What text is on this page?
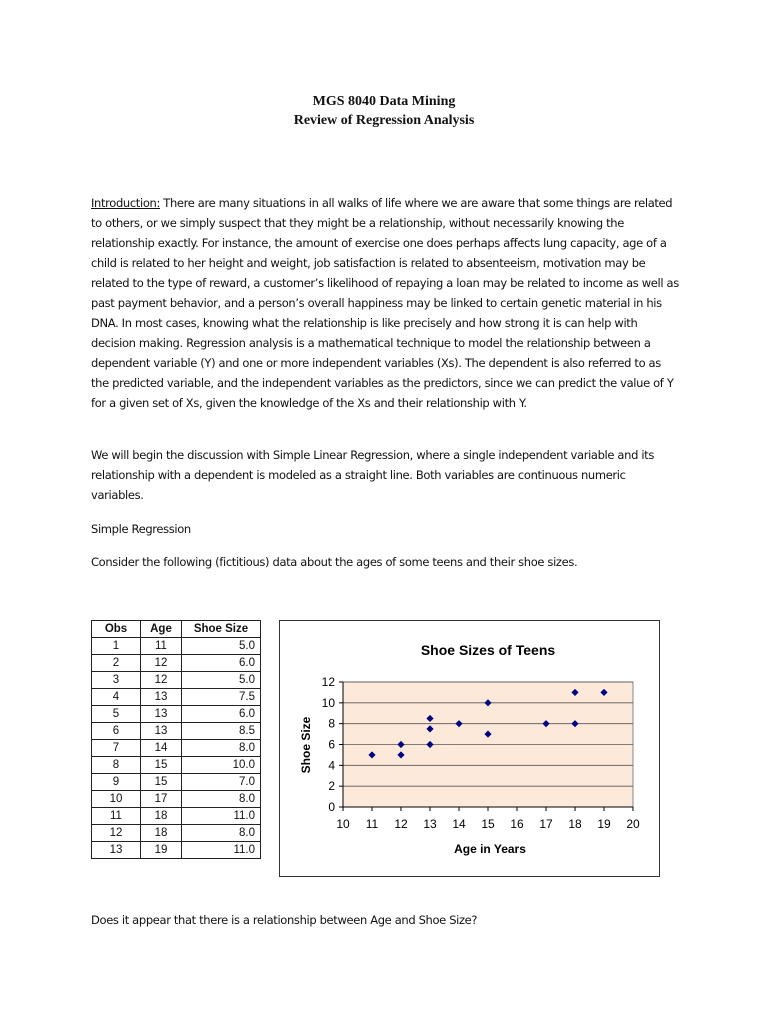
MGS 8040 Data Mining
Review of Regression Analysis
Introduction: There are many situations in all walks of life where we are aware that some things are related to others, or we simply suspect that they might be a relationship, without necessarily knowing the relationship exactly. For instance, the amount of exercise one does perhaps affects lung capacity, age of a child is related to her height and weight, job satisfaction is related to absenteeism, motivation may be related to the type of reward, a customer’s likelihood of repaying a loan may be related to income as well as past payment behavior, and a person’s overall happiness may be linked to certain genetic material in his DNA. In most cases, knowing what the relationship is like precisely and how strong it is can help with decision making. Regression analysis is a mathematical technique to model the relationship between a dependent variable (Y) and one or more independent variables (Xs). The dependent is also referred to as the predicted variable, and the independent variables as the predictors, since we can predict the value of Y for a given set of Xs, given the knowledge of the Xs and their relationship with Y.
We will begin the discussion with Simple Linear Regression, where a single independent variable and its relationship with a dependent is modeled as a straight line. Both variables are continuous numeric variables.
Simple Regression
Consider the following (fictitious) data about the ages of some teens and their shoe sizes.
Obs	Age	Shoe Size
1	11	5.0
2	12	6.0
3	12	5.0
4	13	7.5
5	13	6.0
6	13	8.5
7	14	8.0
8	15	10.0
9	15	7.0
10	17	8.0
11	18	11.0
12	18	8.0
13	19	11.0
Shoe Sizes of Teens
0
2
4
6
8
10
12
10 11 12 13 14 15 16 17 18 19 20
Age in Years
Shoe Size
Does it appear that there is a relationship between Age and Shoe Size?
